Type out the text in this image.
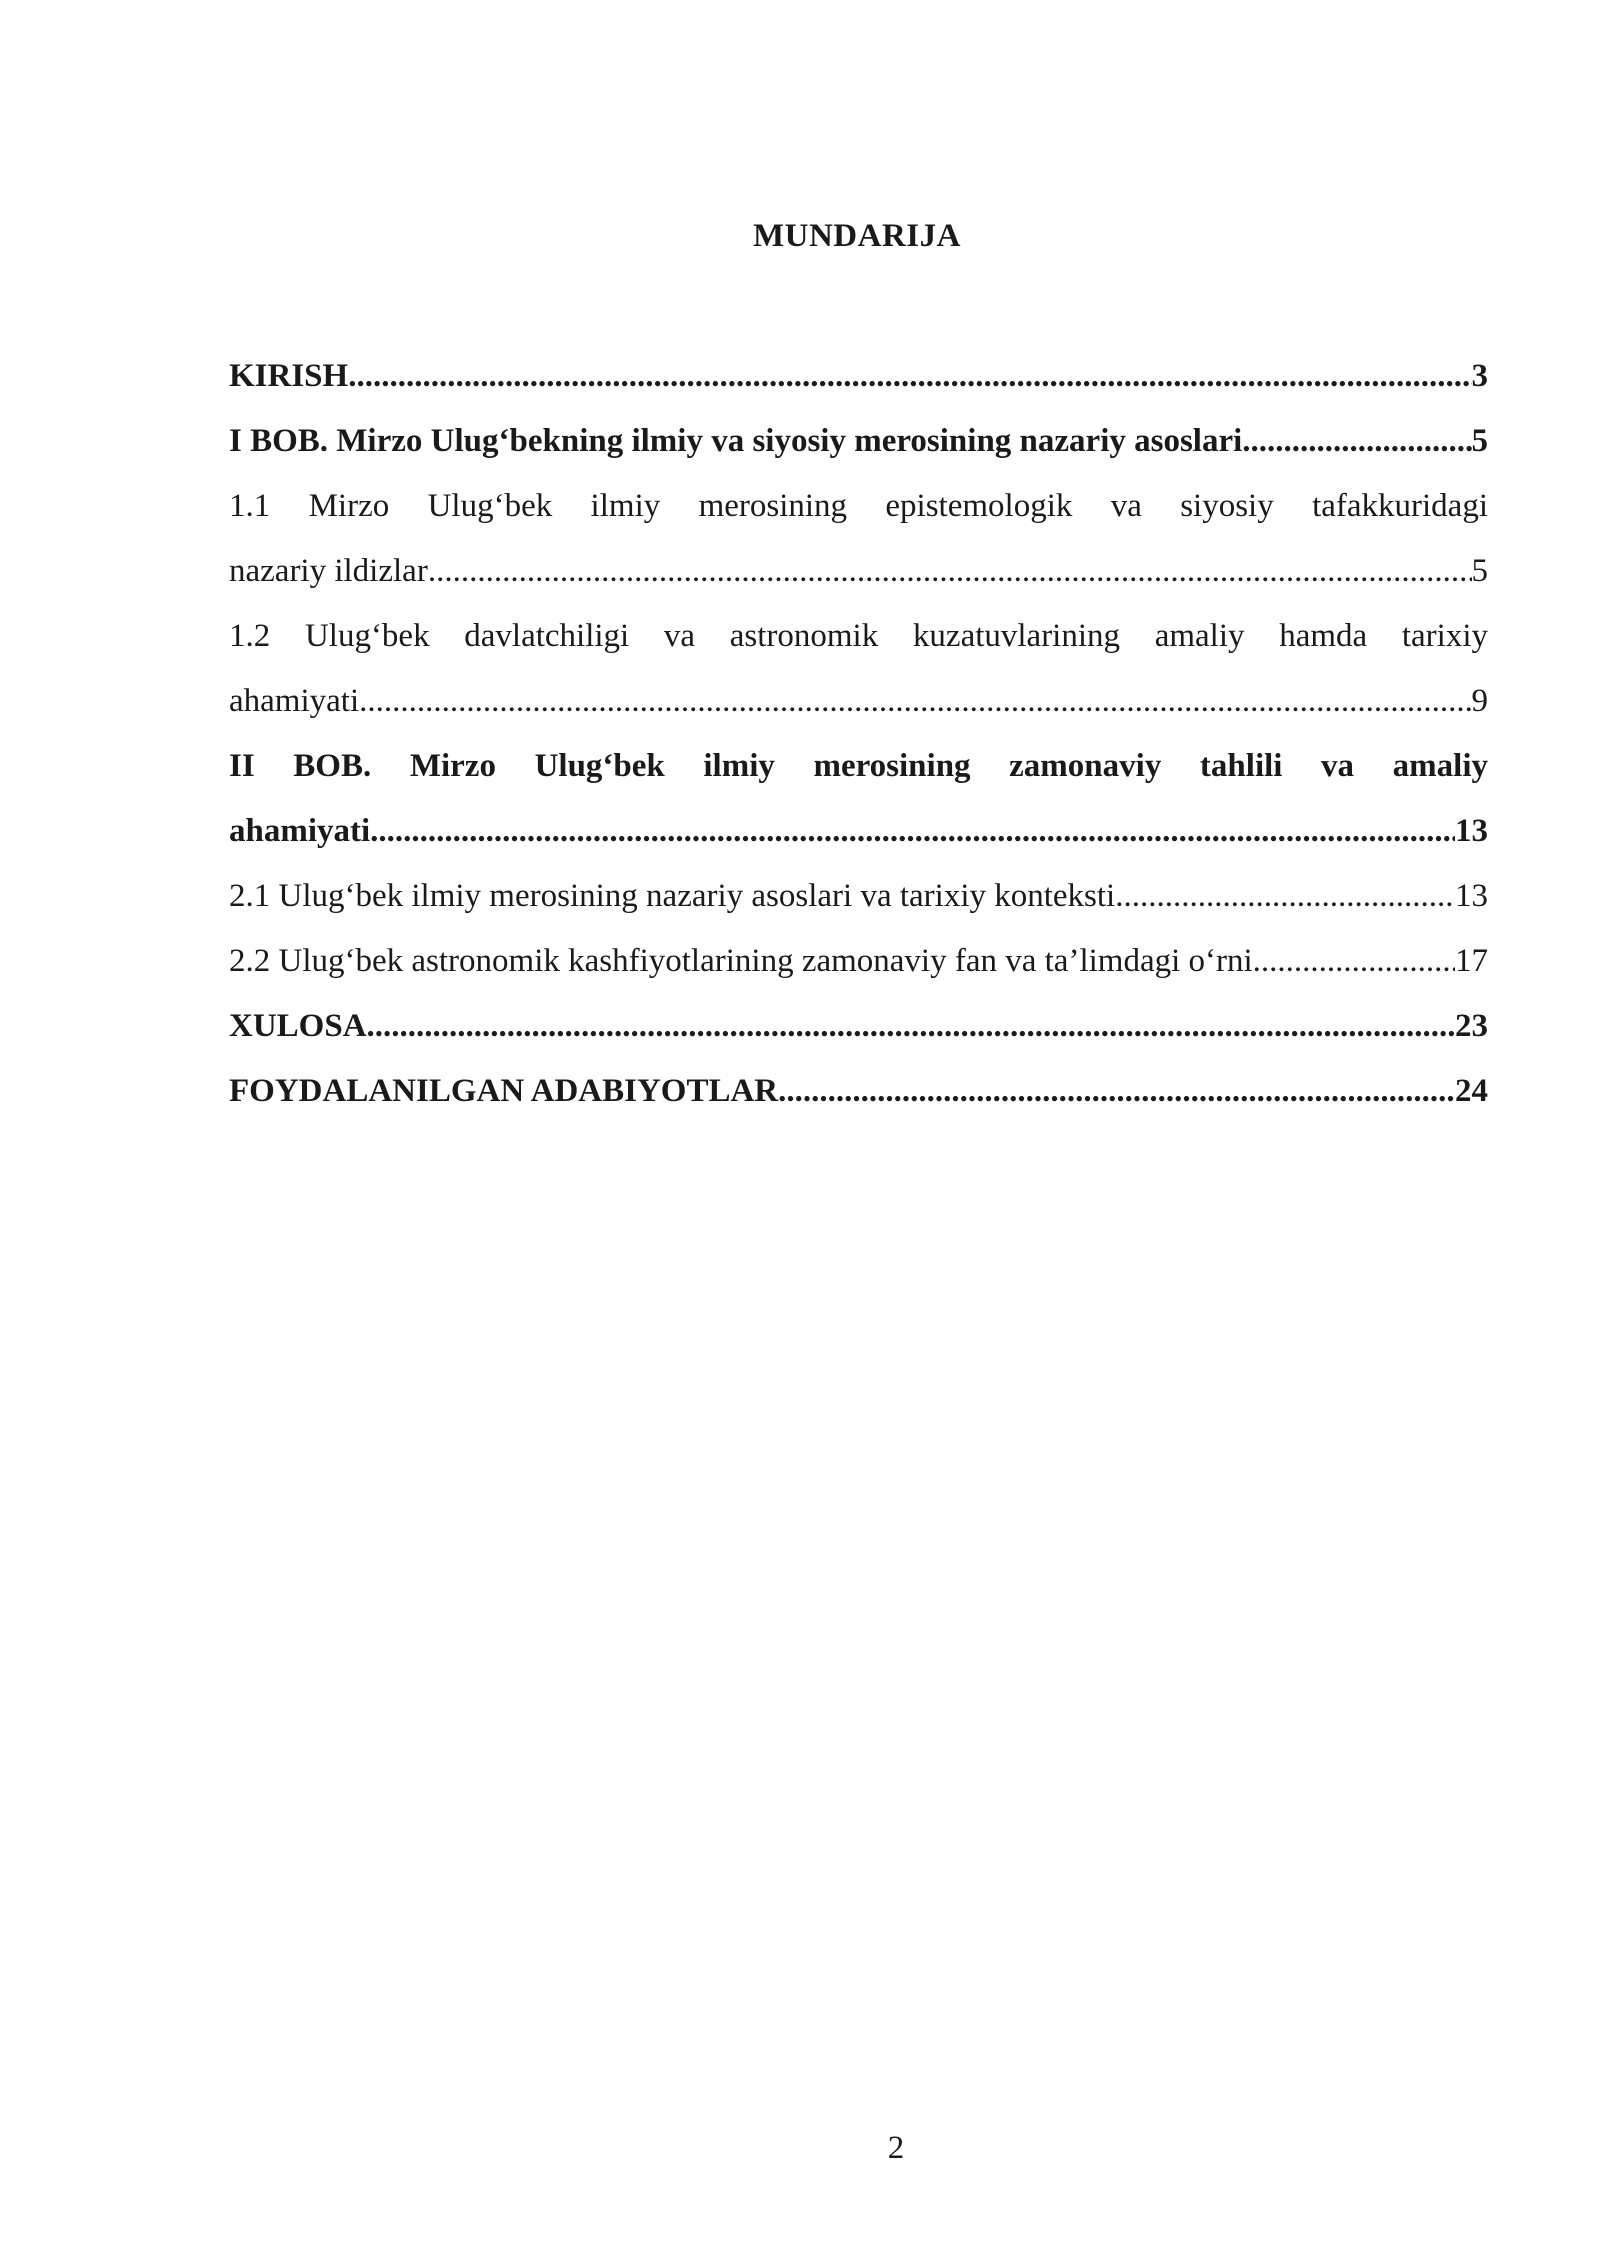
MUNDARIJA
KIRISH .....	3
I BOB. Mirzo Ulug‘bekning ilmiy va siyosiy merosining nazariy asoslari .....	5
1.1 Mirzo Ulug‘bek ilmiy merosining epistemologik va siyosiy tafakkuridagi
nazariy ildizlar .....	5
1.2 Ulug‘bek davlatchiligi va astronomik kuzatuvlarining amaliy hamda tarixiy
ahamiyati .....	9
II BOB. Mirzo Ulug‘bek ilmiy merosining zamonaviy tahlili va amaliy
ahamiyati .....	13
2.1 Ulug‘bek ilmiy merosining nazariy asoslari va tarixiy konteksti .....	13
2.2 Ulug‘bek astronomik kashfiyotlarining zamonaviy fan va ta’limdagi o‘rni .....	17
XULOSA .....	23
FOYDALANILGAN ADABIYOTLAR .....	24
2
